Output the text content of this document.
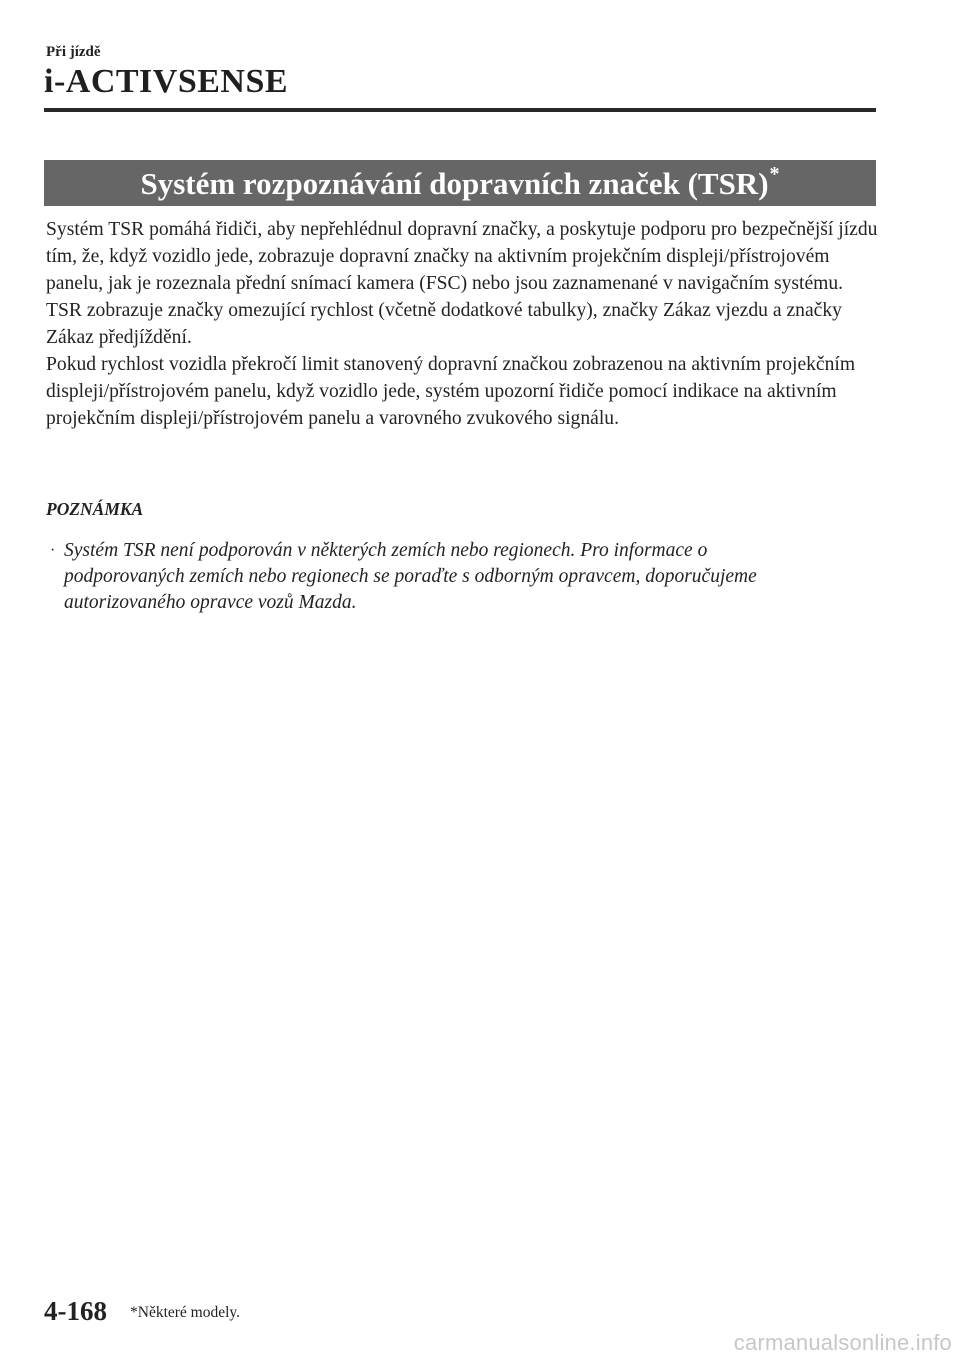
Při jízdě
i-ACTIVSENSE
Systém rozpoznávání dopravních značek (TSR)*

Systém TSR pomáhá řidiči, aby nepřehlédnul dopravní značky, a poskytuje podporu pro bezpečnější jízdu tím, že, když vozidlo jede, zobrazuje dopravní značky na aktivním projekčním displeji/přístrojovém panelu, jak je rozeznala přední snímací kamera (FSC) nebo jsou zaznamenané v navigačním systému.

TSR zobrazuje značky omezující rychlost (včetně dodatkové tabulky), značky Zákaz vjezdu a značky Zákaz předjíždění.

Pokud rychlost vozidla překročí limit stanovený dopravní značkou zobrazenou na aktivním projekčním displeji/přístrojovém panelu, když vozidlo jede, systém upozorní řidiče pomocí indikace na aktivním projekčním displeji/přístrojovém panelu a varovného zvukového signálu.

POZNÁMKA
· Systém TSR není podporován v některých zemích nebo regionech. Pro informace o podporovaných zemích nebo regionech se poraďte s odborným opravcem, doporučujeme autorizovaného opravce vozů Mazda.
4-168 *Některé modely.
carmanualsonline.info
